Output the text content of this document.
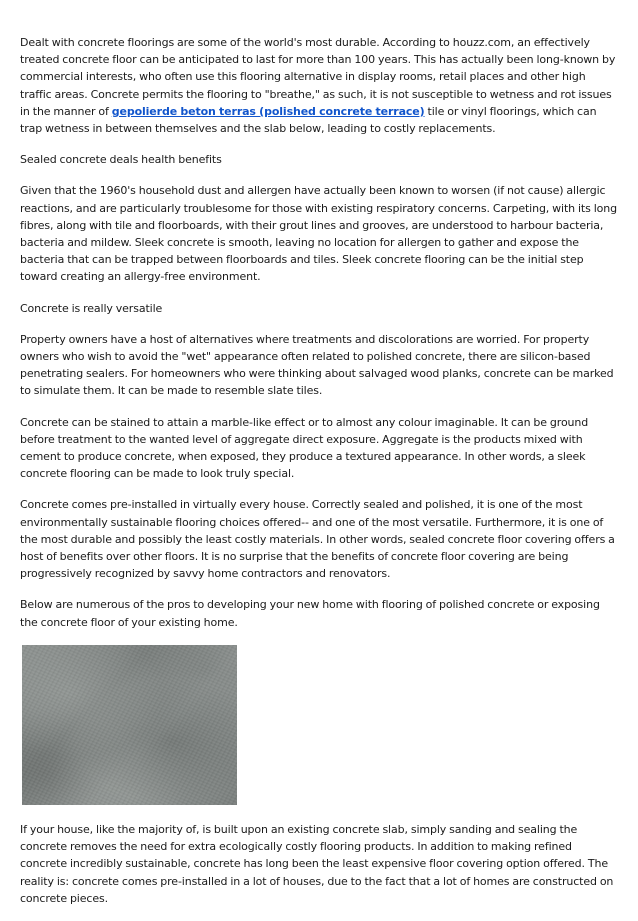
Dealt with concrete floorings are some of the world's most durable. According to houzz.com, an effectively treated concrete floor can be anticipated to last for more than 100 years. This has actually been long-known by commercial interests, who often use this flooring alternative in display rooms, retail places and other high traffic areas. Concrete permits the flooring to "breathe," as such, it is not susceptible to wetness and rot issues in the manner of gepolierde beton terras (polished concrete terrace) tile or vinyl floorings, which can trap wetness in between themselves and the slab below, leading to costly replacements.

Sealed concrete deals health benefits

Given that the 1960's household dust and allergen have actually been known to worsen (if not cause) allergic reactions, and are particularly troublesome for those with existing respiratory concerns. Carpeting, with its long fibres, along with tile and floorboards, with their grout lines and grooves, are understood to harbour bacteria, bacteria and mildew. Sleek concrete is smooth, leaving no location for allergen to gather and expose the bacteria that can be trapped between floorboards and tiles. Sleek concrete flooring can be the initial step toward creating an allergy-free environment.

Concrete is really versatile

Property owners have a host of alternatives where treatments and discolorations are worried. For property owners who wish to avoid the "wet" appearance often related to polished concrete, there are silicon-based penetrating sealers. For homeowners who were thinking about salvaged wood planks, concrete can be marked to simulate them. It can be made to resemble slate tiles.

Concrete can be stained to attain a marble-like effect or to almost any colour imaginable. It can be ground before treatment to the wanted level of aggregate direct exposure. Aggregate is the products mixed with cement to produce concrete, when exposed, they produce a textured appearance. In other words, a sleek concrete flooring can be made to look truly special.

Concrete comes pre-installed in virtually every house. Correctly sealed and polished, it is one of the most environmentally sustainable flooring choices offered-- and one of the most versatile. Furthermore, it is one of the most durable and possibly the least costly materials. In other words, sealed concrete floor covering offers a host of benefits over other floors. It is no surprise that the benefits of concrete floor covering are being progressively recognized by savvy home contractors and renovators.

Below are numerous of the pros to developing your new home with flooring of polished concrete or exposing the concrete floor of your existing home.

If your house, like the majority of, is built upon an existing concrete slab, simply sanding and sealing the concrete removes the need for extra ecologically costly flooring products. In addition to making refined concrete incredibly sustainable, concrete has long been the least expensive floor covering option offered. The reality is: concrete comes pre-installed in a lot of houses, due to the fact that a lot of homes are constructed on concrete pieces.
